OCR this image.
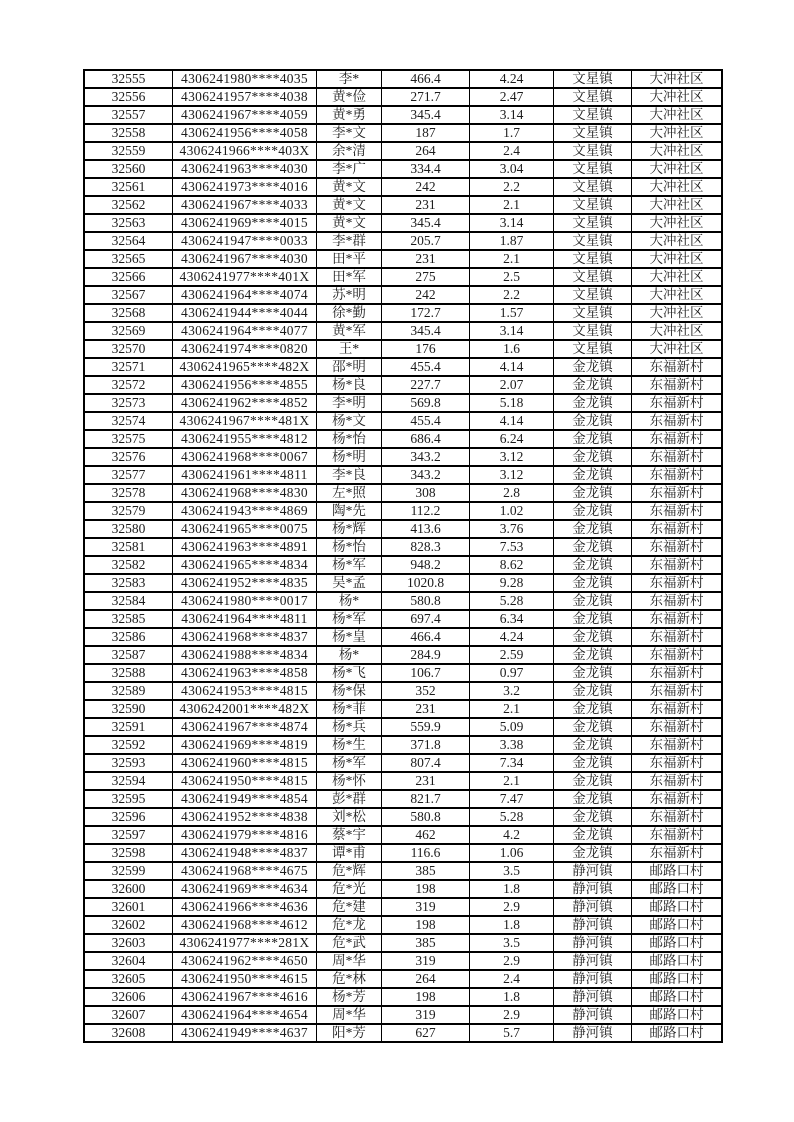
32555	4306241980****4035	李*	466.4	4.24	文星镇	大冲社区
32556	4306241957****4038	黄*俭	271.7	2.47	文星镇	大冲社区
32557	4306241967****4059	黄*勇	345.4	3.14	文星镇	大冲社区
32558	4306241956****4058	李*文	187	1.7	文星镇	大冲社区
32559	4306241966****403X	余*清	264	2.4	文星镇	大冲社区
32560	4306241963****4030	李*广	334.4	3.04	文星镇	大冲社区
32561	4306241973****4016	黄*文	242	2.2	文星镇	大冲社区
32562	4306241967****4033	黄*文	231	2.1	文星镇	大冲社区
32563	4306241969****4015	黄*文	345.4	3.14	文星镇	大冲社区
32564	4306241947****0033	李*群	205.7	1.87	文星镇	大冲社区
32565	4306241967****4030	田*平	231	2.1	文星镇	大冲社区
32566	4306241977****401X	田*军	275	2.5	文星镇	大冲社区
32567	4306241964****4074	苏*明	242	2.2	文星镇	大冲社区
32568	4306241944****4044	徐*勤	172.7	1.57	文星镇	大冲社区
32569	4306241964****4077	黄*军	345.4	3.14	文星镇	大冲社区
32570	4306241974****0820	王*	176	1.6	文星镇	大冲社区
32571	4306241965****482X	邵*明	455.4	4.14	金龙镇	东福新村
32572	4306241956****4855	杨*良	227.7	2.07	金龙镇	东福新村
32573	4306241962****4852	李*明	569.8	5.18	金龙镇	东福新村
32574	4306241967****481X	杨*文	455.4	4.14	金龙镇	东福新村
32575	4306241955****4812	杨*怡	686.4	6.24	金龙镇	东福新村
32576	4306241968****0067	杨*明	343.2	3.12	金龙镇	东福新村
32577	4306241961****4811	李*良	343.2	3.12	金龙镇	东福新村
32578	4306241968****4830	左*照	308	2.8	金龙镇	东福新村
32579	4306241943****4869	陶*先	112.2	1.02	金龙镇	东福新村
32580	4306241965****0075	杨*辉	413.6	3.76	金龙镇	东福新村
32581	4306241963****4891	杨*怡	828.3	7.53	金龙镇	东福新村
32582	4306241965****4834	杨*军	948.2	8.62	金龙镇	东福新村
32583	4306241952****4835	吴*孟	1020.8	9.28	金龙镇	东福新村
32584	4306241980****0017	杨*	580.8	5.28	金龙镇	东福新村
32585	4306241964****4811	杨*军	697.4	6.34	金龙镇	东福新村
32586	4306241968****4837	杨*皇	466.4	4.24	金龙镇	东福新村
32587	4306241988****4834	杨*	284.9	2.59	金龙镇	东福新村
32588	4306241963****4858	杨*飞	106.7	0.97	金龙镇	东福新村
32589	4306241953****4815	杨*保	352	3.2	金龙镇	东福新村
32590	4306242001****482X	杨*菲	231	2.1	金龙镇	东福新村
32591	4306241967****4874	杨*兵	559.9	5.09	金龙镇	东福新村
32592	4306241969****4819	杨*生	371.8	3.38	金龙镇	东福新村
32593	4306241960****4815	杨*军	807.4	7.34	金龙镇	东福新村
32594	4306241950****4815	杨*怀	231	2.1	金龙镇	东福新村
32595	4306241949****4854	彭*群	821.7	7.47	金龙镇	东福新村
32596	4306241952****4838	刘*松	580.8	5.28	金龙镇	东福新村
32597	4306241979****4816	蔡*宇	462	4.2	金龙镇	东福新村
32598	4306241948****4837	谭*甫	116.6	1.06	金龙镇	东福新村
32599	4306241968****4675	危*辉	385	3.5	静河镇	邮路口村
32600	4306241969****4634	危*光	198	1.8	静河镇	邮路口村
32601	4306241966****4636	危*建	319	2.9	静河镇	邮路口村
32602	4306241968****4612	危*龙	198	1.8	静河镇	邮路口村
32603	4306241977****281X	危*武	385	3.5	静河镇	邮路口村
32604	4306241962****4650	周*华	319	2.9	静河镇	邮路口村
32605	4306241950****4615	危*林	264	2.4	静河镇	邮路口村
32606	4306241967****4616	杨*芳	198	1.8	静河镇	邮路口村
32607	4306241964****4654	周*华	319	2.9	静河镇	邮路口村
32608	4306241949****4637	阳*芳	627	5.7	静河镇	邮路口村
